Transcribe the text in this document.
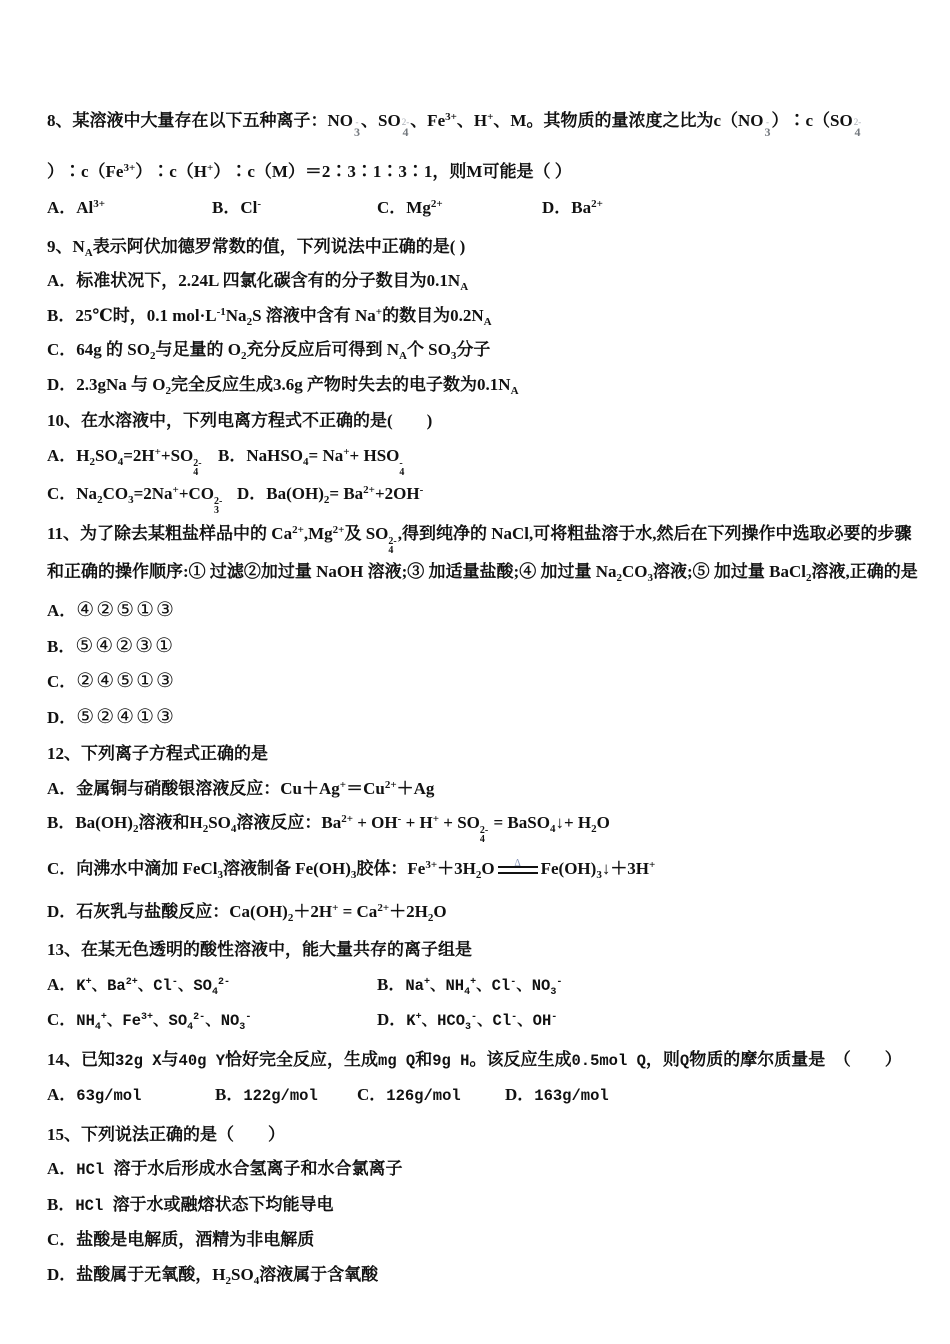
8、某溶液中大量存在以下五种离子：NO -
3
、SO 2-
4
、$Fe^{3+}$、H+、M。其物质的量浓度之比为c（NO -
3
）∶c（SO 2-
4
）$∶c(Fe^{3+})∶c(H^+)∶c(M)=2∶3∶1∶3∶1$，则M可能是（ ）
A．$Al^{3+}$	B．Cl-	C．$Mg^{2+}$	D．$Ba^{2+}$
9、$N_A$表示阿伏加德罗常数的值，下列说法中正确的是( )
A．标准状况下，2.24L 四氯化碳含有的分子数目为$0.1N_A$
B．25℃时，0.1 $mol\cdot L^{-1}Na_2S$ 溶液中含有 Na+的数目为$0.2N_A$
C．64g 的 $SO_2$与足量的 $O_2$充分反应后可得到 $N_A$个 $SO_3$分子
D．2.3gNa 与 $O_2$完全反应生成3.6g 产物时失去的电子数为$0.1N_A$
10、在水溶液中，下列电离方程式不正确的是(　　)
A．$H_2SO_4=2H^++SO$ 2-
4
B．NaHSO$_4$= Na++ HSO -
4
C．$Na_2CO_3=2Na^++CO$ 2-
3
D．$Ba(OH)_2= Ba^{2+}+2OH^-$
11、为了除去某粗盐样品中的 $Ca^{2+},Mg^{2+}$及 SO 2-
4
,得到纯净的 NaCl,可将粗盐溶于水,然后在下列操作中选取必要的步骤
和正确的操作顺序:① 过滤②加过量 NaOH 溶液;③ 加适量盐酸;④ 加过量 $Na_2CO_3$溶液;⑤ 加过量 BaCl$_2$溶液,正确的是
A．④②⑤①③
B．⑤④②③①
C．②④⑤①③
D．⑤②④①③
12、下列离子方程式正确的是
A．金属铜与硝酸银溶液反应：$Cu+Ag^+=Cu^{2+}+Ag$
B．$Ba(OH)_2$溶液和$H_2SO_4$溶液反应：$Ba^{2+} + OH^- + H^+$ + SO 2-
4
= BaSO$_4$↓+ $H_2O$
C．向沸水中滴加 FeCl$_3$溶液制备 $Fe(OH)_3$胶体：$Fe^{3+}+3H_2O$ Δ $Fe(OH)_3↓+3H^+$
D．石灰乳与盐酸反应：$Ca(OH)_2+2H^+ = Ca^{2+}+2H_2O$
13、在某无色透明的酸性溶液中，能大量共存的离子组是
A．K+、$Ba^{2+}$、Cl-、$SO_4^{2-}$	B．Na+、$NH_4^+$、Cl-、$NO_3^-$
C．$NH_4^+$、$Fe^{3+}$、$SO_4^{2-}$、$NO_3^-$	D．K+、$HCO_3^-$、Cl-、OH-
14、已知32g X与40g Y恰好完全反应，生成mg Q和9g H。该反应生成0.5mol Q，则Q物质的摩尔质量是　（　　）
A．63g/mol	B．122g/mol	C．126g/mol	D．163g/mol
15、下列说法正确的是（　　）
A．HCl 溶于水后形成水合氢离子和水合氯离子
B．HCl 溶于水或融熔状态下均能导电
C．盐酸是电解质，酒精为非电解质
D．盐酸属于无氧酸，$H_2SO_4$溶液属于含氧酸
